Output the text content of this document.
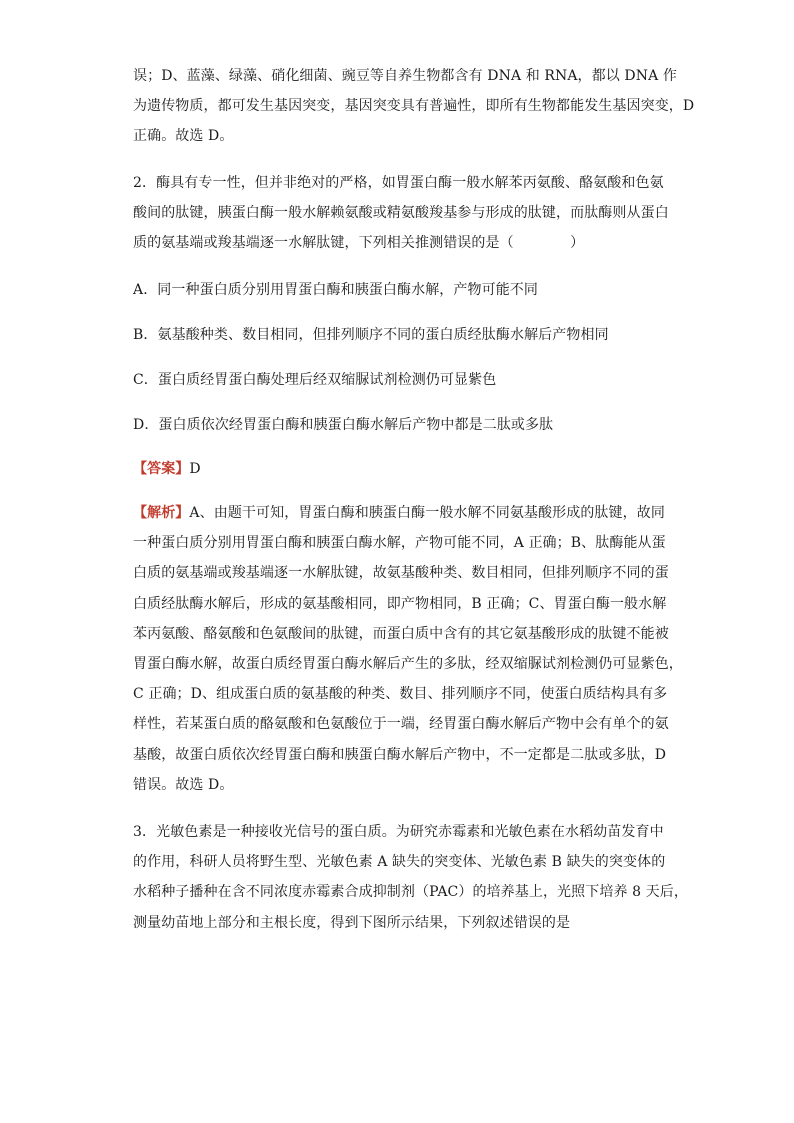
误；D、蓝藻、绿藻、硝化细菌、豌豆等自养生物都含有 DNA 和 RNA，都以 DNA 作
为遗传物质，都可发生基因突变，基因突变具有普遍性，即所有生物都能发生基因突变，D
正确。故选 D。
2．酶具有专一性，但并非绝对的严格，如胃蛋白酶一般水解苯丙氨酸、酪氨酸和色氨
酸间的肽键，胰蛋白酶一般水解赖氨酸或精氨酸羧基参与形成的肽键，而肽酶则从蛋白
质的氨基端或羧基端逐一水解肽键，下列相关推测错误的是（　　　　）
A．同一种蛋白质分别用胃蛋白酶和胰蛋白酶水解，产物可能不同
B．氨基酸种类、数目相同，但排列顺序不同的蛋白质经肽酶水解后产物相同
C．蛋白质经胃蛋白酶处理后经双缩脲试剂检测仍可显紫色
D．蛋白质依次经胃蛋白酶和胰蛋白酶水解后产物中都是二肽或多肽
【答案】D
【解析】A、由题干可知，胃蛋白酶和胰蛋白酶一般水解不同氨基酸形成的肽键，故同
一种蛋白质分别用胃蛋白酶和胰蛋白酶水解，产物可能不同，A 正确；B、肽酶能从蛋
白质的氨基端或羧基端逐一水解肽键，故氨基酸种类、数目相同，但排列顺序不同的蛋
白质经肽酶水解后，形成的氨基酸相同，即产物相同，B 正确；C、胃蛋白酶一般水解
苯丙氨酸、酪氨酸和色氨酸间的肽键，而蛋白质中含有的其它氨基酸形成的肽键不能被
胃蛋白酶水解，故蛋白质经胃蛋白酶水解后产生的多肽，经双缩脲试剂检测仍可显紫色，
C 正确；D、组成蛋白质的氨基酸的种类、数目、排列顺序不同，使蛋白质结构具有多
样性，若某蛋白质的酪氨酸和色氨酸位于一端，经胃蛋白酶水解后产物中会有单个的氨
基酸，故蛋白质依次经胃蛋白酶和胰蛋白酶水解后产物中，不一定都是二肽或多肽，D
错误。故选 D。
3．光敏色素是一种接收光信号的蛋白质。为研究赤霉素和光敏色素在水稻幼苗发育中
的作用，科研人员将野生型、光敏色素 A 缺失的突变体、光敏色素 B 缺失的突变体的
水稻种子播种在含不同浓度赤霉素合成抑制剂（PAC）的培养基上，光照下培养 8 天后，
测量幼苗地上部分和主根长度，得到下图所示结果，下列叙述错误的是
